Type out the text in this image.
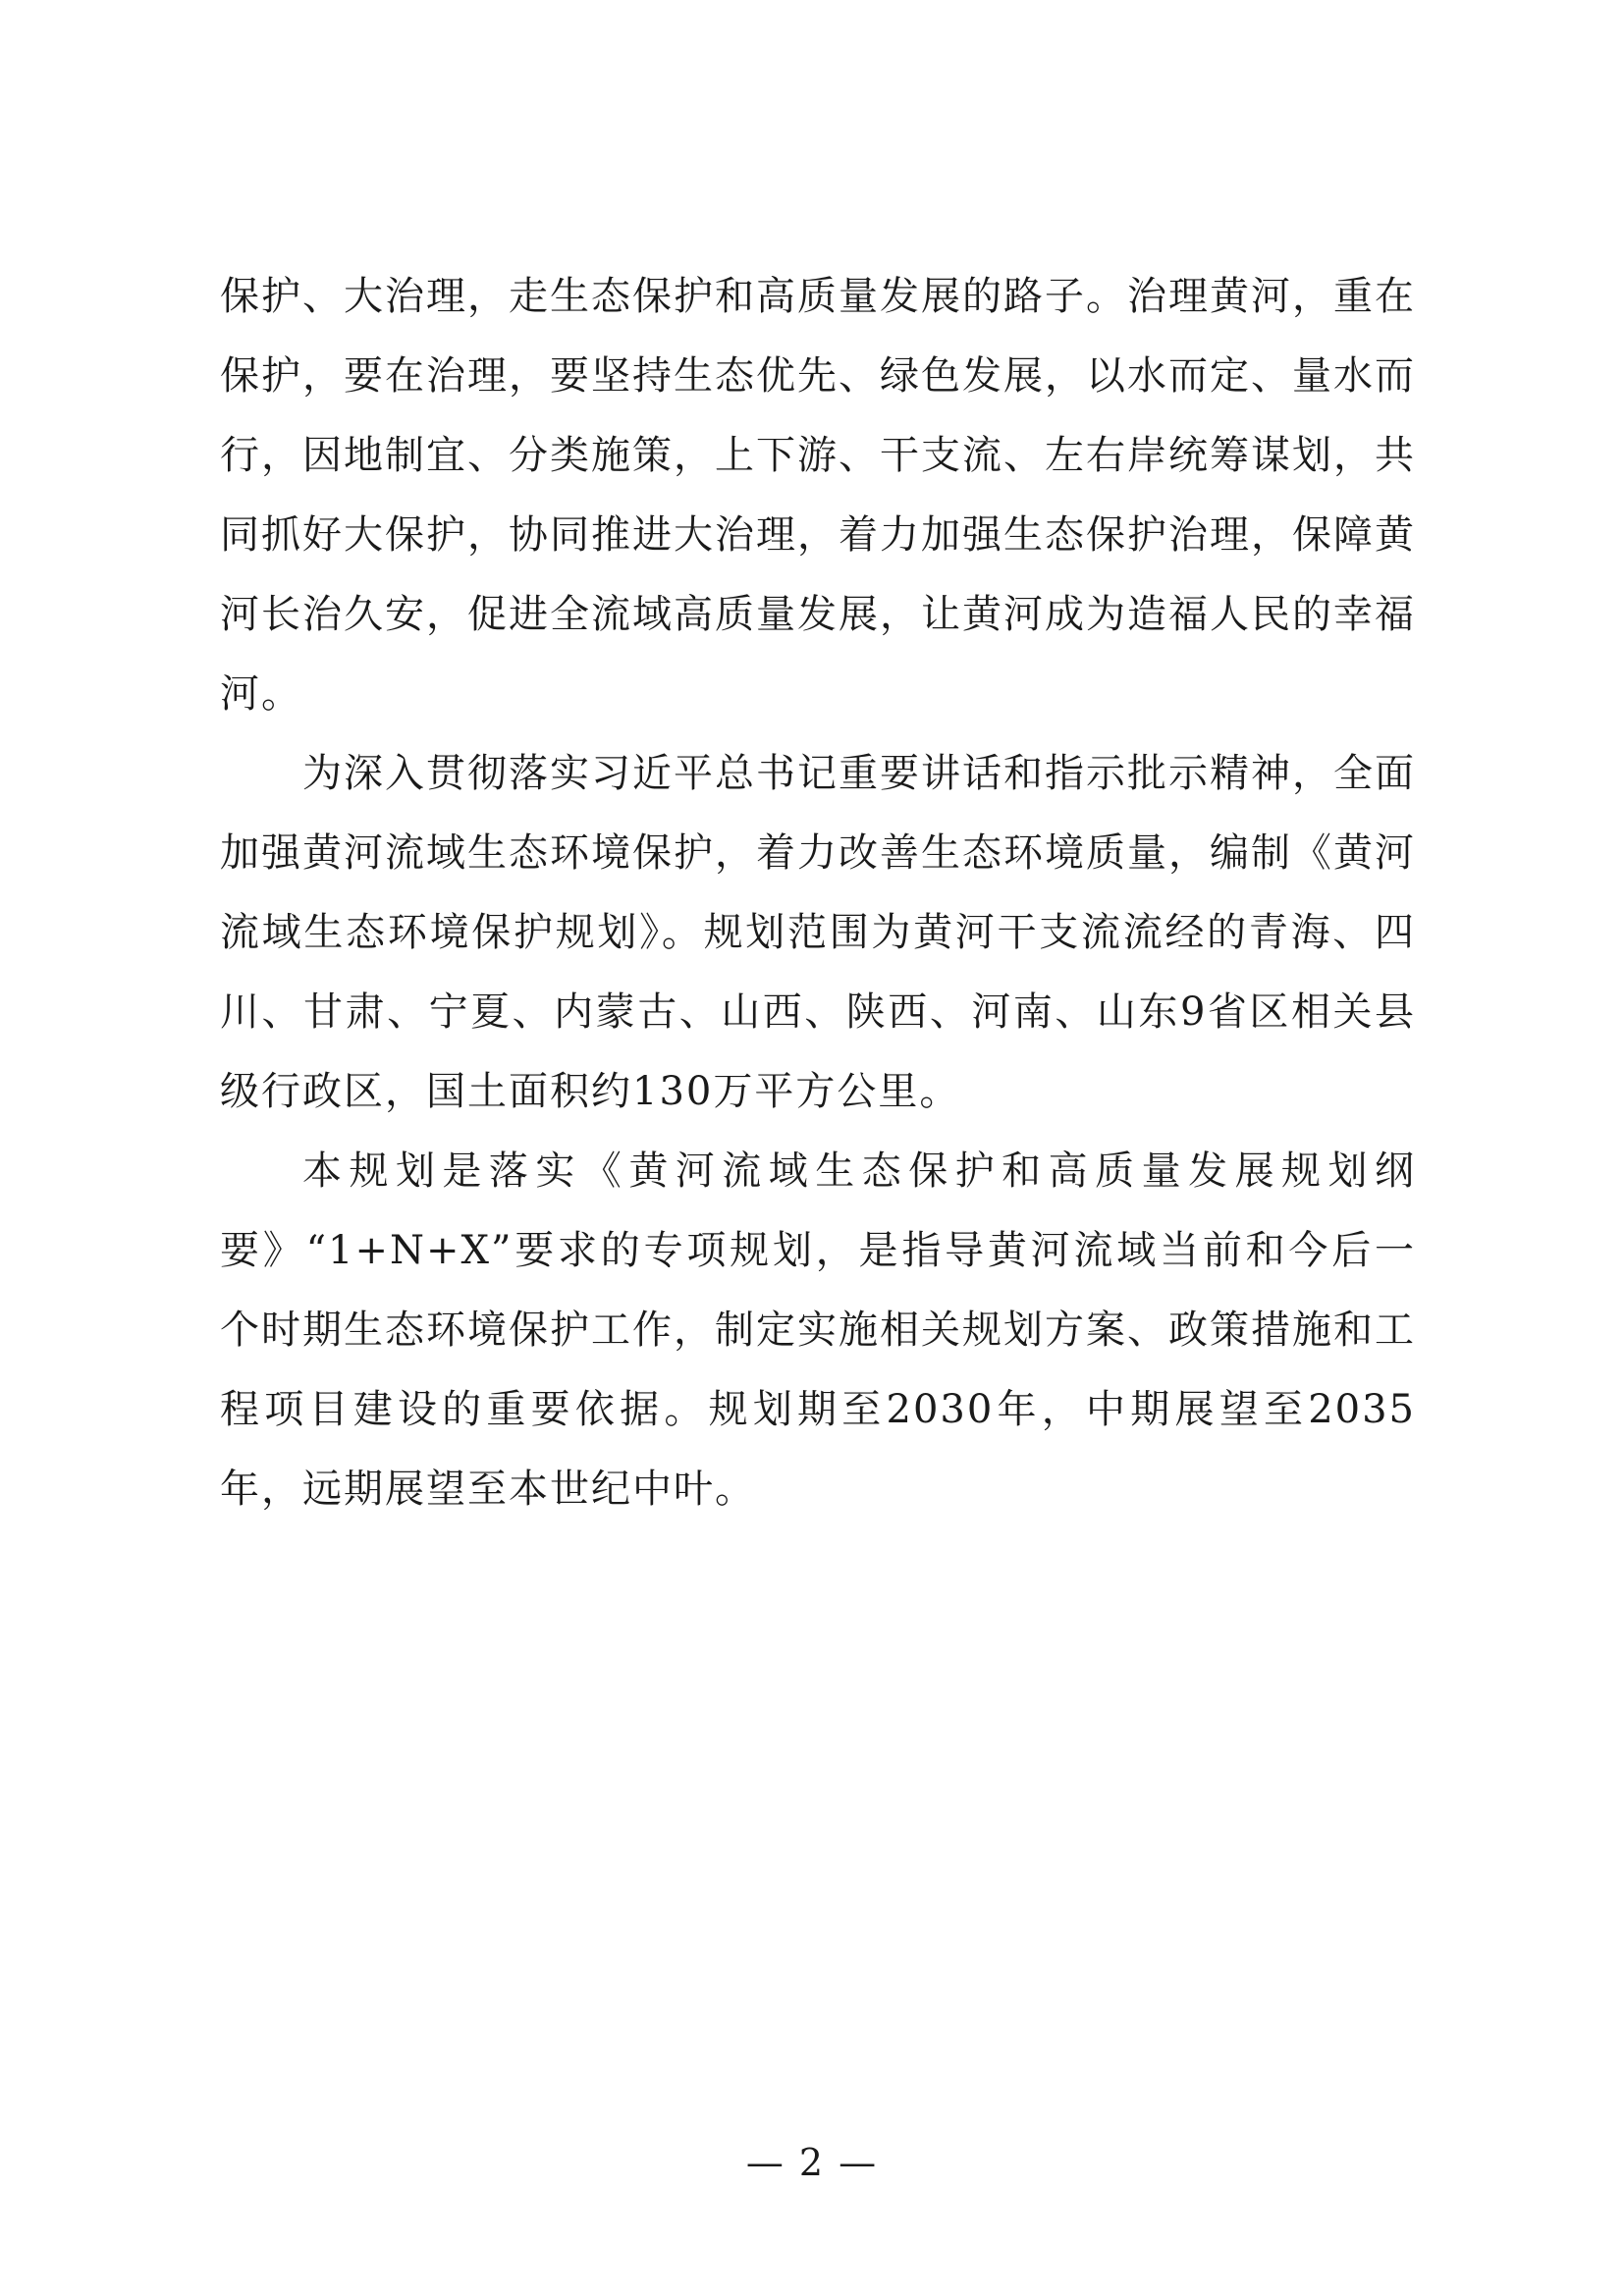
保护、大治理，走生态保护和高质量发展的路子。治理黄河，重在保护，要在治理，要坚持生态优先、绿色发展，以水而定、量水而行，因地制宜、分类施策，上下游、干支流、左右岸统筹谋划，共同抓好大保护，协同推进大治理，着力加强生态保护治理，保障黄河长治久安，促进全流域高质量发展，让黄河成为造福人民的幸福河。

为深入贯彻落实习近平总书记重要讲话和指示批示精神，全面加强黄河流域生态环境保护，着力改善生态环境质量，编制《黄河流域生态环境保护规划》。规划范围为黄河干支流流经的青海、四川、甘肃、宁夏、内蒙古、山西、陕西、河南、山东9省区相关县级行政区，国土面积约130万平方公里。

本规划是落实《黄河流域生态保护和高质量发展规划纲要》“1+N+X”要求的专项规划，是指导黄河流域当前和今后一个时期生态环境保护工作，制定实施相关规划方案、政策措施和工程项目建设的重要依据。规划期至2030年，中期展望至2035年，远期展望至本世纪中叶。

— 2 —
